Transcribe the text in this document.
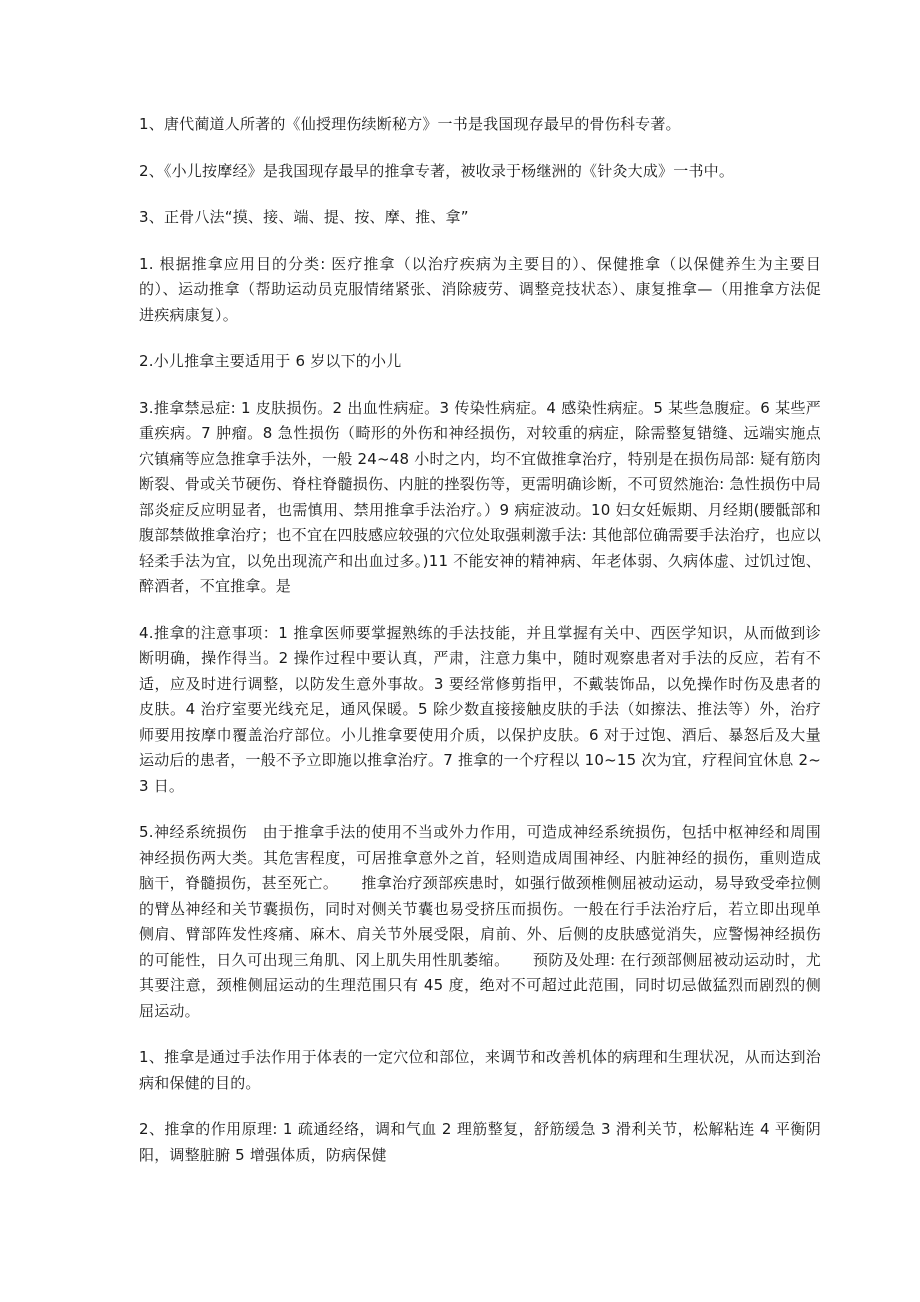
1、唐代蔺道人所著的《仙授理伤续断秘方》一书是我国现存最早的骨伤科专著。

2、《小儿按摩经》是我国现存最早的推拿专著，被收录于杨继洲的《针灸大成》一书中。

3、正骨八法“摸、接、端、提、按、摩、推、拿”

1. 根据推拿应用目的分类: 医疗推拿（以治疗疾病为主要目的）、保健推拿（以保健养生为主要目的）、运动推拿（帮助运动员克服情绪紧张、消除疲劳、调整竞技状态）、康复推拿—（用推拿方法促进疾病康复）。

2.小儿推拿主要适用于 6 岁以下的小儿

3.推拿禁忌症: 1 皮肤损伤。2 出血性病症。3 传染性病症。4 感染性病症。5 某些急腹症。6 某些严重疾病。7 肿瘤。8 急性损伤（畸形的外伤和神经损伤，对较重的病症，除需整复错缝、远端实施点穴镇痛等应急推拿手法外，一般 24~48 小时之内，均不宜做推拿治疗，特别是在损伤局部: 疑有筋肉断裂、骨或关节硬伤、脊柱脊髓损伤、内脏的挫裂伤等，更需明确诊断，不可贸然施治: 急性损伤中局部炎症反应明显者，也需慎用、禁用推拿手法治疗。）9 病症波动。10 妇女妊娠期、月经期(腰骶部和腹部禁做推拿治疗；也不宜在四肢感应较强的穴位处取强刺激手法: 其他部位确需要手法治疗，也应以轻柔手法为宜，以免出现流产和出血过多。)11 不能安神的精神病、年老体弱、久病体虚、过饥过饱、醉酒者，不宜推拿。是

4.推拿的注意事项：1 推拿医师要掌握熟练的手法技能，并且掌握有关中、西医学知识，从而做到诊断明确，操作得当。2 操作过程中要认真，严肃，注意力集中，随时观察患者对手法的反应，若有不适，应及时进行调整，以防发生意外事故。3 要经常修剪指甲，不戴装饰品，以免操作时伤及患者的皮肤。4 治疗室要光线充足，通风保暖。5 除少数直接接触皮肤的手法（如擦法、推法等）外，治疗师要用按摩巾覆盖治疗部位。小儿推拿要使用介质，以保护皮肤。6 对于过饱、酒后、暴怒后及大量运动后的患者，一般不予立即施以推拿治疗。7 推拿的一个疗程以 10~15 次为宜，疗程间宜休息 2~3 日。

5.神经系统损伤　由于推拿手法的使用不当或外力作用，可造成神经系统损伤，包括中枢神经和周围神经损伤两大类。其危害程度，可居推拿意外之首，轻则造成周围神经、内脏神经的损伤，重则造成脑干，脊髓损伤，甚至死亡。　　推拿治疗颈部疾患时，如强行做颈椎侧屈被动运动，易导致受牵拉侧的臂丛神经和关节囊损伤，同时对侧关节囊也易受挤压而损伤。一般在行手法治疗后，若立即出现单侧肩、臂部阵发性疼痛、麻木、肩关节外展受限，肩前、外、后侧的皮肤感觉消失，应警惕神经损伤的可能性，日久可出现三角肌、冈上肌失用性肌萎缩。　　预防及处理: 在行颈部侧屈被动运动时，尤其要注意，颈椎侧屈运动的生理范围只有 45 度，绝对不可超过此范围，同时切忌做猛烈而剧烈的侧屈运动。

1、推拿是通过手法作用于体表的一定穴位和部位，来调节和改善机体的病理和生理状况，从而达到治病和保健的目的。

2、推拿的作用原理: 1 疏通经络，调和气血 2 理筋整复，舒筋缓急 3 滑利关节，松解粘连 4 平衡阴阳，调整脏腑 5 增强体质，防病保健
